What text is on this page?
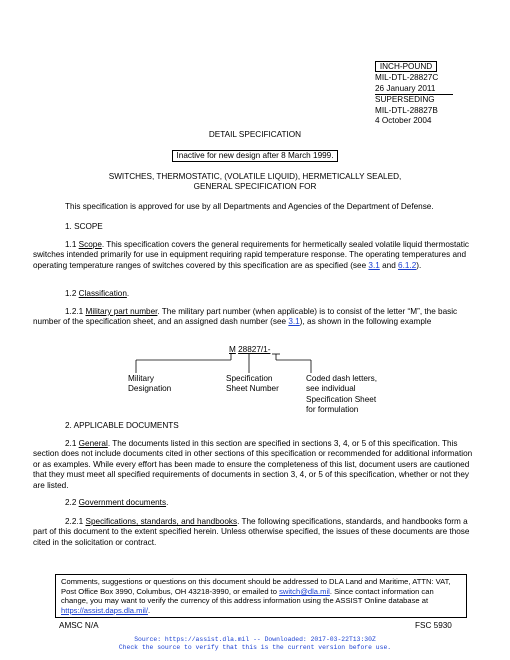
INCH-POUND
MIL-DTL-28827C
26 January 2011
SUPERSEDING
MIL-DTL-28827B
4 October 2004
DETAIL SPECIFICATION
Inactive for new design after 8 March 1999.
SWITCHES, THERMOSTATIC, (VOLATILE LIQUID), HERMETICALLY SEALED,
GENERAL SPECIFICATION FOR
This specification is approved for use by all Departments and Agencies of the Department of Defense.
1. SCOPE
1.1 Scope. This specification covers the general requirements for hermetically sealed volatile liquid thermostatic switches intended primarily for use in equipment requiring rapid temperature response. The operating temperatures and operating temperature ranges of switches covered by this specification are as specified (see 3.1 and 6.1.2).
1.2 Classification.
1.2.1 Military part number. The military part number (when applicable) is to consist of the letter “M”, the basic number of the specification sheet, and an assigned dash number (see 3.1), as shown in the following example
M 28827/1-
Military
Designation
Specification
Sheet Number
Coded dash letters,
see individual
Specification Sheet
for formulation
2. APPLICABLE DOCUMENTS
2.1 General. The documents listed in this section are specified in sections 3, 4, or 5 of this specification. This section does not include documents cited in other sections of this specification or recommended for additional information or as examples. While every effort has been made to ensure the completeness of this list, document users are cautioned that they must meet all specified requirements of documents in section 3, 4, or 5 of this specification, whether or not they are listed.
2.2 Government documents.
2.2.1 Specifications, standards, and handbooks. The following specifications, standards, and handbooks form a part of this document to the extent specified herein. Unless otherwise specified, the issues of these documents are those cited in the solicitation or contract.
Comments, suggestions or questions on this document should be addressed to DLA Land and Maritime, ATTN: VAT, Post Office Box 3990, Columbus, OH 43218-3990, or emailed to switch@dla.mil. Since contact information can change, you may want to verify the currency of this address information using the ASSIST Online database at https://assist.daps.dla.mil/.
AMSC N/A	FSC 5930
Source: https://assist.dla.mil -- Downloaded: 2017-03-22T13:30Z
Check the source to verify that this is the current version before use.
